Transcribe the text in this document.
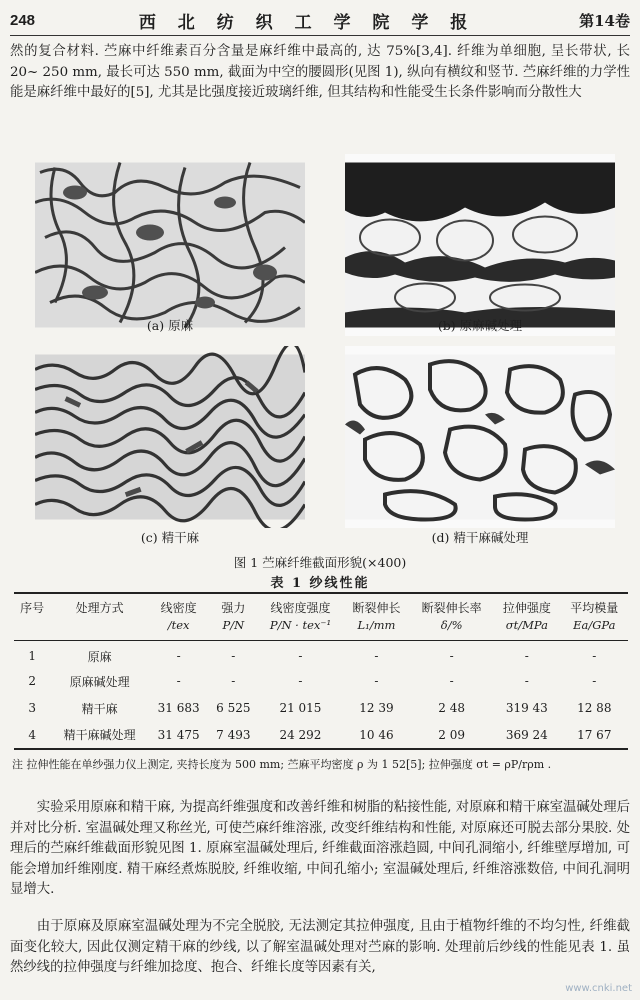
248	西 北 纺 织 工 学 院 学 报	第14卷

然的复合材料. 苎麻中纤维素百分含量是麻纤维中最高的, 达 75%[3,4]. 纤维为单细胞, 呈长带状, 长 20~ 250 mm, 最长可达 550 mm, 截面为中空的腰圆形(见图 1), 纵向有横纹和竖节. 苎麻纤维的力学性能是麻纤维中最好的[5], 尤其是比强度接近玻璃纤维, 但其结构和性能受生长条件影响而分散性大

(a) 原麻	(b) 原麻碱处理
(c) 精干麻	(d) 精干麻碱处理
图 1 苎麻纤维截面形貌(×400)
表 1 纱线性能
序号	处理方式	线密度	强力	线密度强度	断裂伸长	断裂伸长率	拉伸强度	平均模量
		/tex	P/N	P/N · tex⁻¹	L₁/mm	δ/%	σt/MPa	Ea/GPa
1	原麻	-	-	-	-	-	-	-
2	原麻碱处理	-	-	-	-	-	-	-
3	精干麻	31 683	6 525	21 015	12 39	2 48	319 43	12 88
4	精干麻碱处理	31 475	7 493	24 292	10 46	2 09	369 24	17 67

注 拉伸性能在单纱强力仪上测定, 夹持长度为 500 mm; 苎麻平均密度 ρ 为 1 52[5]; 拉伸强度 σt = ρP/rρm .

实验采用原麻和精干麻, 为提高纤维强度和改善纤维和树脂的粘接性能, 对原麻和精干麻室温碱处理后并对比分析. 室温碱处理又称丝光, 可使苎麻纤维溶涨, 改变纤维结构和性能, 对原麻还可脱去部分果胶. 处理后的苎麻纤维截面形貌见图 1. 原麻室温碱处理后, 纤维截面溶涨趋圆, 中间孔洞缩小, 纤维壁厚增加, 可能会增加纤维刚度. 精干麻经煮炼脱胶, 纤维收缩, 中间孔缩小; 室温碱处理后, 纤维溶涨数倍, 中间孔洞明显增大.

由于原麻及原麻室温碱处理为不完全脱胶, 无法测定其拉伸强度, 且由于植物纤维的不均匀性, 纤维截面变化较大, 因此仅测定精干麻的纱线, 以了解室温碱处理对苎麻的影响. 处理前后纱线的性能见表 1. 虽然纱线的拉伸强度与纤维加捻度、抱合、纤维长度等因素有关,

www.cnki.net
